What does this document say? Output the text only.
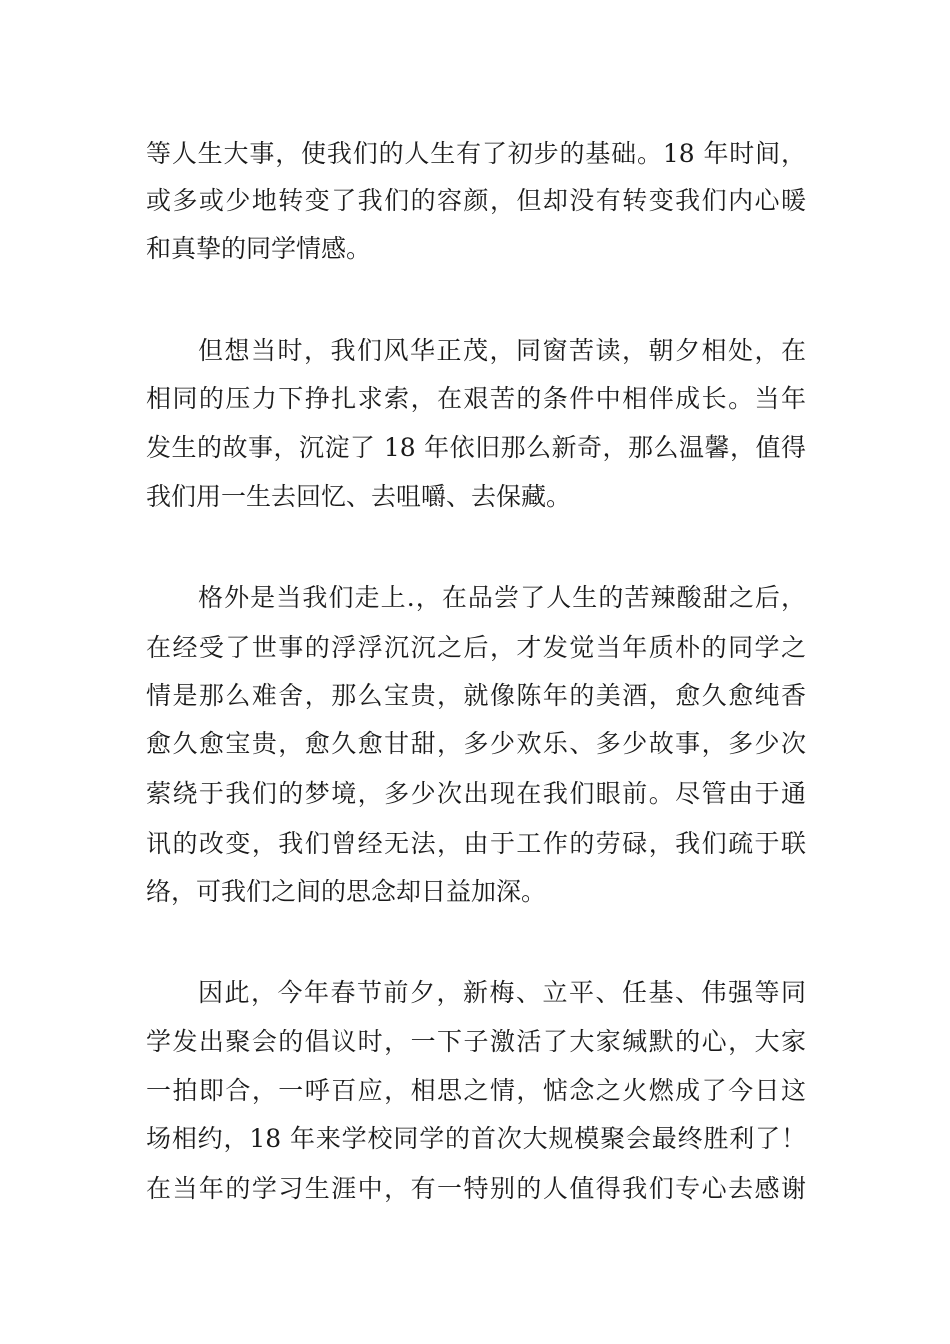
等人生大事，使我们的人生有了初步的基础。18 年时间，
或多或少地转变了我们的容颜，但却没有转变我们内心暖
和真挚的同学情感。
但想当时，我们风华正茂，同窗苦读，朝夕相处，在
相同的压力下挣扎求索，在艰苦的条件中相伴成长。当年
发生的故事，沉淀了 18 年依旧那么新奇，那么温馨，值得
我们用一生去回忆、去咀嚼、去保藏。
格外是当我们走上.，在品尝了人生的苦辣酸甜之后，
在经受了世事的浮浮沉沉之后，才发觉当年质朴的同学之
情是那么难舍，那么宝贵，就像陈年的美酒，愈久愈纯香
愈久愈宝贵，愈久愈甘甜，多少欢乐、多少故事，多少次
萦绕于我们的梦境，多少次出现在我们眼前。尽管由于通
讯的改变，我们曾经无法，由于工作的劳碌，我们疏于联
络，可我们之间的思念却日益加深。
因此，今年春节前夕，新梅、立平、任基、伟强等同
学发出聚会的倡议时，一下子激活了大家缄默的心，大家
一拍即合，一呼百应，相思之情，惦念之火燃成了今日这
场相约，18 年来学校同学的首次大规模聚会最终胜利了！
在当年的学习生涯中，有一特别的人值得我们专心去感谢
